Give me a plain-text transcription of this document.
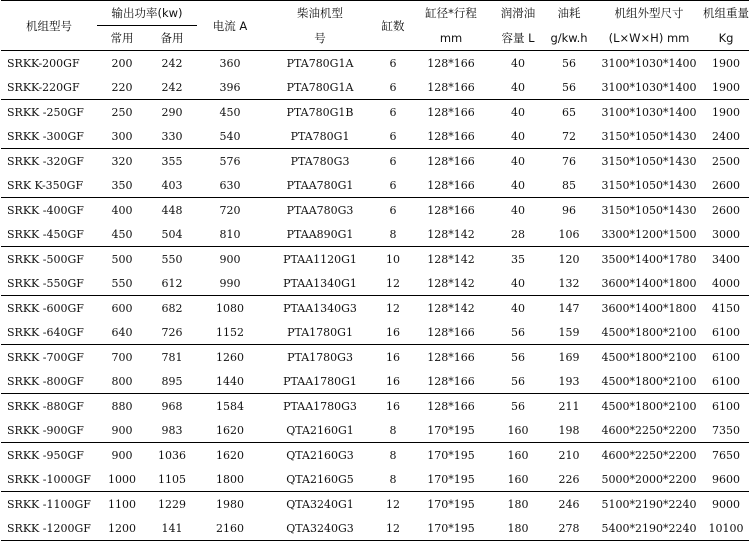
机组型号	输出功率(kw)		电流 A	柴油机型	缸数	缸径*行程	润滑油	油耗	机组外型尺寸	机组重量
	常用	备用		号		mm	容量 L	g/kw.h	(L×W×H) mm	Kg
SRKK-200GF	200	242	360	PTA780G1A	6	128*166	40	56	3100*1030*1400	1900
SRKK-220GF	220	242	396	PTA780G1A	6	128*166	40	56	3100*1030*1400	1900
SRKK -250GF	250	290	450	PTA780G1B	6	128*166	40	65	3100*1030*1400	1900
SRKK -300GF	300	330	540	PTA780G1	6	128*166	40	72	3150*1050*1430	2400
SRKK -320GF	320	355	576	PTA780G3	6	128*166	40	76	3150*1050*1430	2500
SRK K-350GF	350	403	630	PTAA780G1	6	128*166	40	85	3150*1050*1430	2600
SRKK -400GF	400	448	720	PTAA780G3	6	128*166	40	96	3150*1050*1430	2600
SRKK -450GF	450	504	810	PTAA890G1	8	128*142	28	106	3300*1200*1500	3000
SRKK -500GF	500	550	900	PTAA1120G1	10	128*142	35	120	3500*1400*1780	3400
SRKK -550GF	550	612	990	PTAA1340G1	12	128*142	40	132	3600*1400*1800	4000
SRKK -600GF	600	682	1080	PTAA1340G3	12	128*142	40	147	3600*1400*1800	4150
SRKK -640GF	640	726	1152	PTA1780G1	16	128*166	56	159	4500*1800*2100	6100
SRKK -700GF	700	781	1260	PTA1780G3	16	128*166	56	169	4500*1800*2100	6100
SRKK -800GF	800	895	1440	PTAA1780G1	16	128*166	56	193	4500*1800*2100	6100
SRKK -880GF	880	968	1584	PTAA1780G3	16	128*166	56	211	4500*1800*2100	6100
SRKK -900GF	900	983	1620	QTA2160G1	8	170*195	160	198	4600*2250*2200	7350
SRKK -950GF	900	1036	1620	QTA2160G3	8	170*195	160	210	4600*2250*2200	7650
SRKK -1000GF	1000	1105	1800	QTA2160G5	8	170*195	160	226	5000*2000*2200	9600
SRKK -1100GF	1100	1229	1980	QTA3240G1	12	170*195	180	246	5100*2190*2240	9000
SRKK -1200GF	1200	141	2160	QTA3240G3	12	170*195	180	278	5400*2190*2240	10100
